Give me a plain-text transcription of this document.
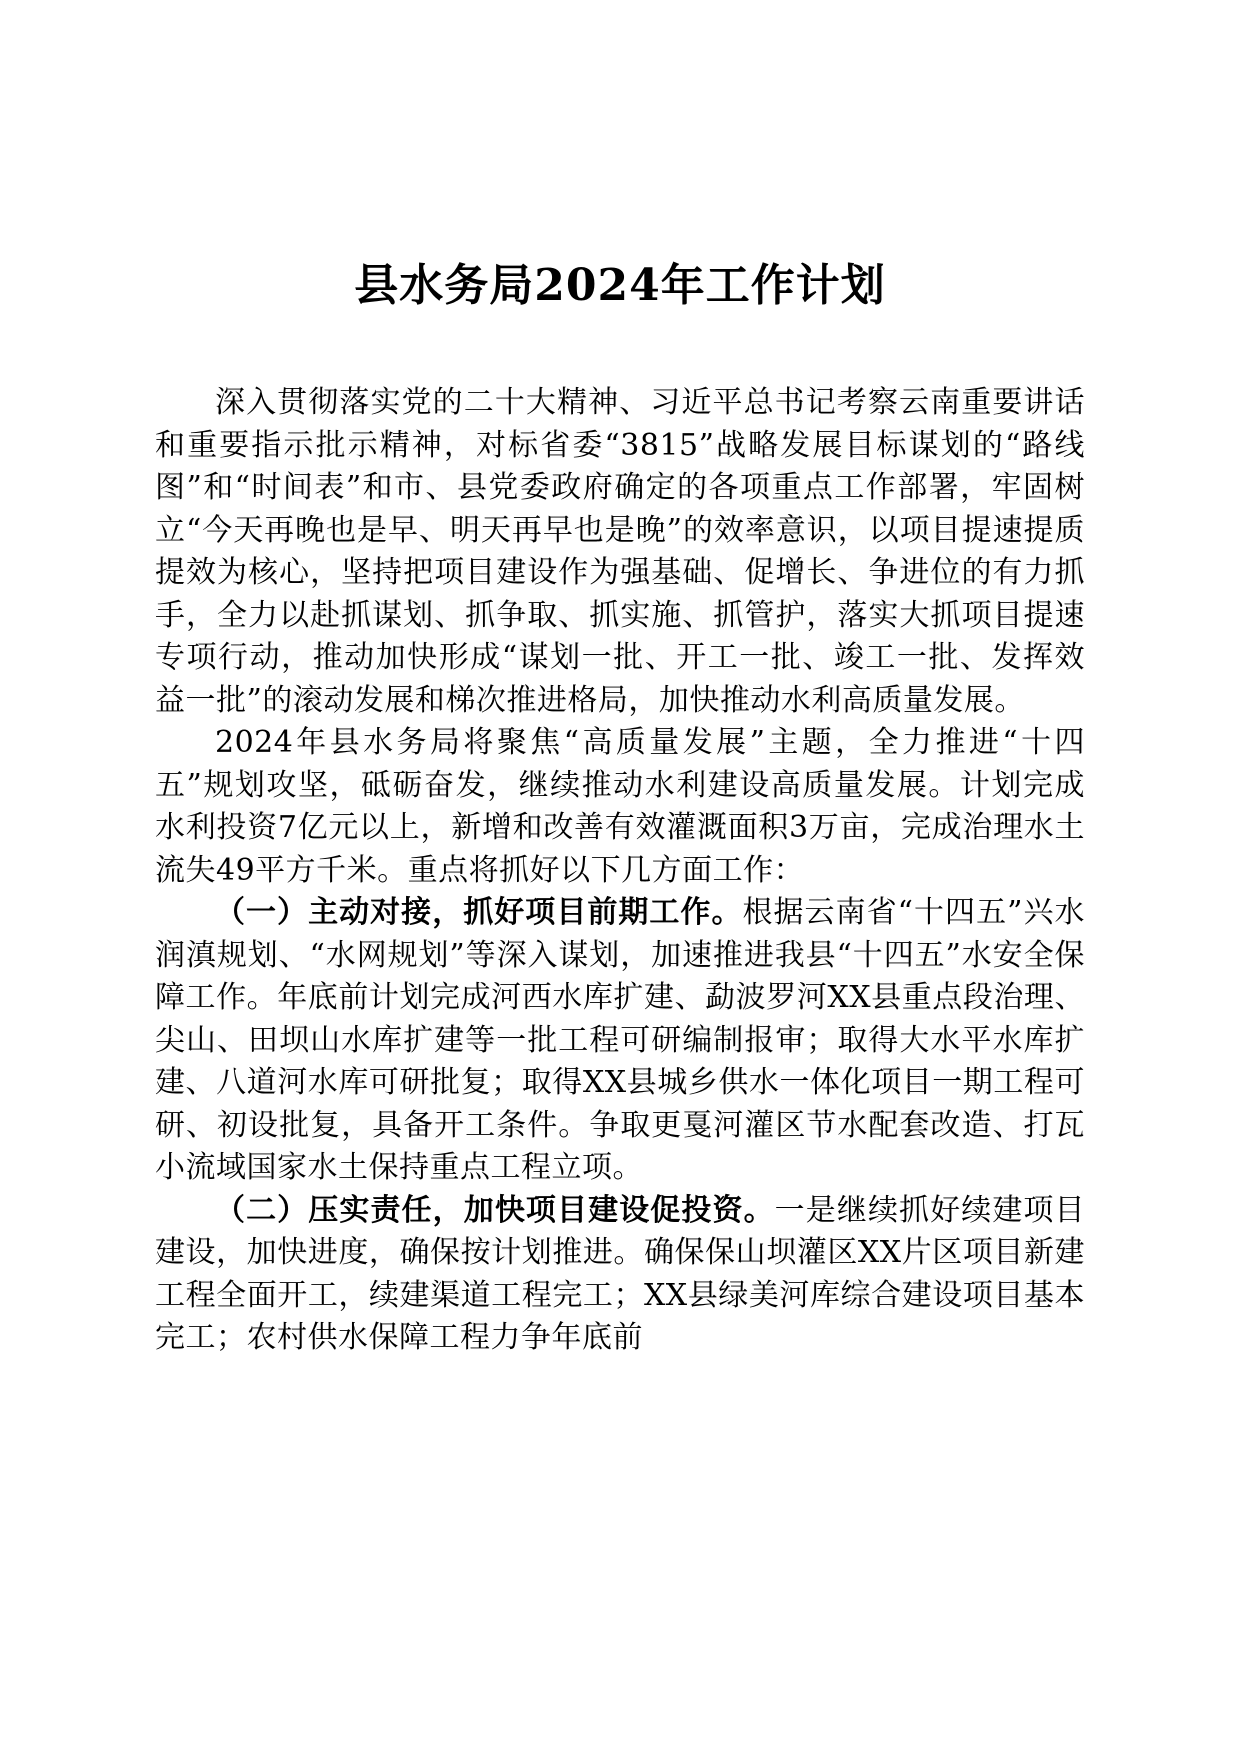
县水务局2024年工作计划

深入贯彻落实党的二十大精神、习近平总书记考察云南重要讲话和重要指示批示精神，对标省委“3815”战略发展目标谋划的“路线图”和“时间表”和市、县党委政府确定的各项重点工作部署，牢固树立“今天再晚也是早、明天再早也是晚”的效率意识，以项目提速提质提效为核心，坚持把项目建设作为强基础、促增长、争进位的有力抓手，全力以赴抓谋划、抓争取、抓实施、抓管护，落实大抓项目提速专项行动，推动加快形成“谋划一批、开工一批、竣工一批、发挥效益一批”的滚动发展和梯次推进格局，加快推动水利高质量发展。

2024年县水务局将聚焦“高质量发展”主题，全力推进“十四五”规划攻坚，砥砺奋发，继续推动水利建设高质量发展。计划完成水利投资7亿元以上，新增和改善有效灌溉面积3万亩，完成治理水土流失49平方千米。重点将抓好以下几方面工作：

（一）主动对接，抓好项目前期工作。根据云南省“十四五”兴水润滇规划、“水网规划”等深入谋划，加速推进我县“十四五”水安全保障工作。年底前计划完成河西水库扩建、勐波罗河XX县重点段治理、尖山、田坝山水库扩建等一批工程可研编制报审；取得大水平水库扩建、八道河水库可研批复；取得XX县城乡供水一体化项目一期工程可研、初设批复，具备开工条件。争取更戛河灌区节水配套改造、打瓦小流域国家水土保持重点工程立项。

（二）压实责任，加快项目建设促投资。一是继续抓好续建项目建设，加快进度，确保按计划推进。确保保山坝灌区XX片区项目新建工程全面开工，续建渠道工程完工；XX县绿美河库综合建设项目基本完工；农村供水保障工程力争年底前
